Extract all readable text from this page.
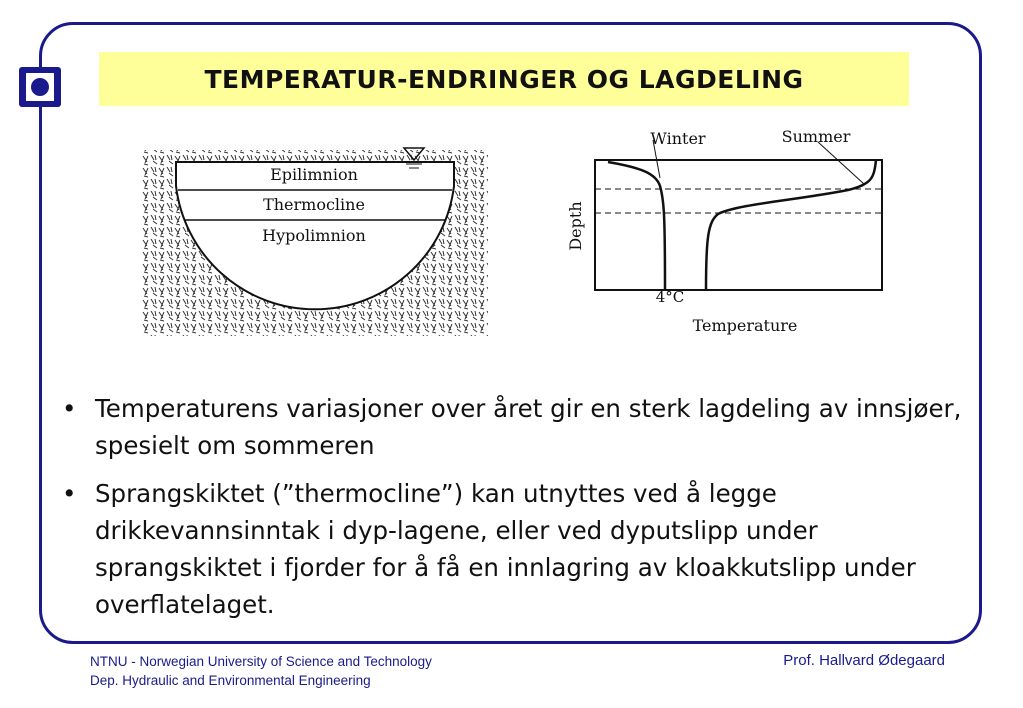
TEMPERATUR-ENDRINGER OG LAGDELING
Epilimnion
Thermocline
Hypolimnion
Winter	Summer
Depth
4°C
Temperature
• Temperaturens variasjoner over året gir en sterk lagdeling av innsjøer, spesielt om sommeren
• Sprangskiktet (”thermocline”) kan utnyttes ved å legge drikkevannsinntak i dyp-lagene, eller ved dyputslipp under sprangskiktet i fjorder for å få en innlagring av kloakkutslipp under overflatelaget.
NTNU - Norwegian University of Science and Technology
Dep. Hydraulic and Environmental Engineering
Prof. Hallvard Ødegaard
